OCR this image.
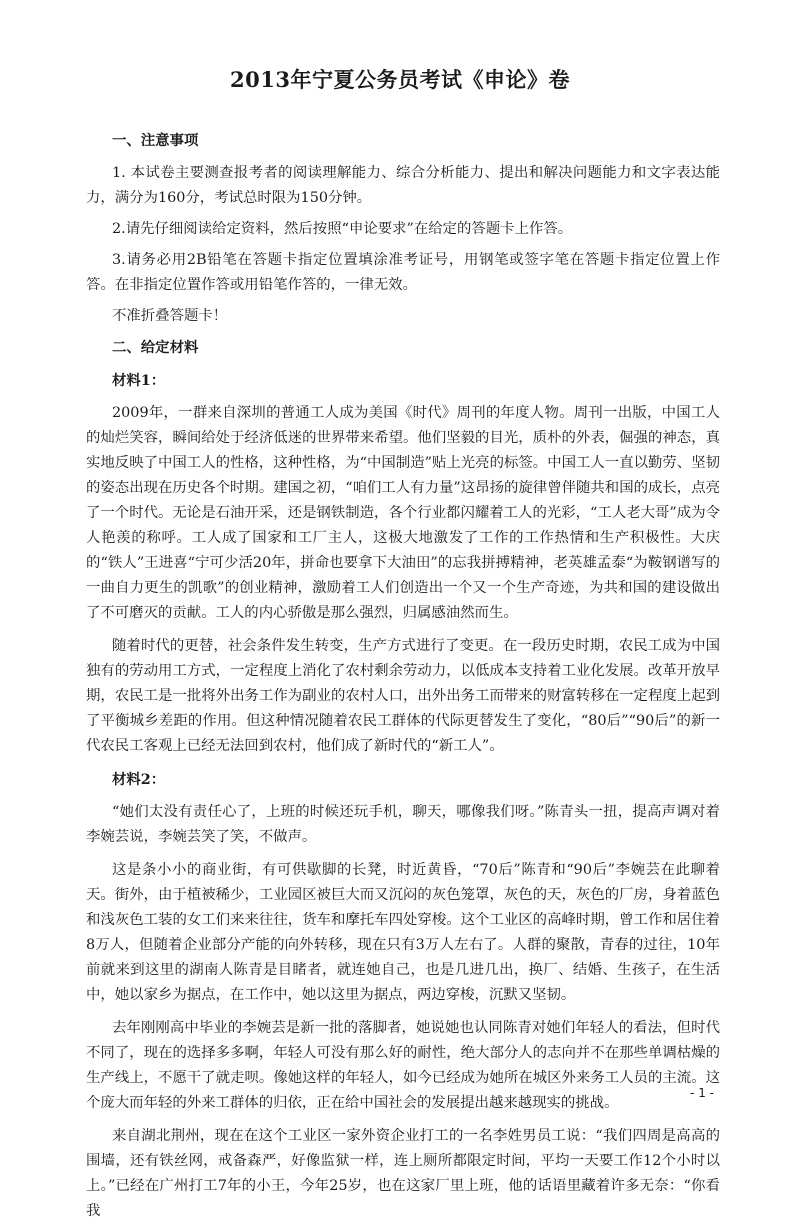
2013年宁夏公务员考试《申论》卷
一、注意事项

1. 本试卷主要测查报考者的阅读理解能力、综合分析能力、提出和解决问题能力和文字表达能力，满分为160分，考试总时限为150分钟。

2.请先仔细阅读给定资料，然后按照“申论要求”在给定的答题卡上作答。

3.请务必用2B铅笔在答题卡指定位置填涂准考证号，用钢笔或签字笔在答题卡指定位置上作答。在非指定位置作答或用铅笔作答的，一律无效。

不准折叠答题卡！

二、给定材料
材料1：

2009年，一群来自深圳的普通工人成为美国《时代》周刊的年度人物。周刊一出版，中国工人的灿烂笑容，瞬间给处于经济低迷的世界带来希望。他们坚毅的目光，质朴的外表，倔强的神态，真实地反映了中国工人的性格，这种性格，为“中国制造”贴上光亮的标签。中国工人一直以勤劳、坚韧的姿态出现在历史各个时期。建国之初，“咱们工人有力量”这昂扬的旋律曾伴随共和国的成长，点亮了一个时代。无论是石油开采，还是钢铁制造，各个行业都闪耀着工人的光彩，“工人老大哥”成为令人艳羡的称呼。工人成了国家和工厂主人，这极大地激发了工作的工作热情和生产积极性。大庆的“铁人”王进喜“宁可少活20年，拼命也要拿下大油田”的忘我拼搏精神，老英雄孟泰“为鞍钢谱写的一曲自力更生的凯歌”的创业精神，激励着工人们创造出一个又一个生产奇迹，为共和国的建设做出了不可磨灭的贡献。工人的内心骄傲是那么强烈，归属感油然而生。

随着时代的更替，社会条件发生转变，生产方式进行了变更。在一段历史时期，农民工成为中国独有的劳动用工方式，一定程度上消化了农村剩余劳动力，以低成本支持着工业化发展。改革开放早期，农民工是一批将外出务工作为副业的农村人口，出外出务工而带来的财富转移在一定程度上起到了平衡城乡差距的作用。但这种情况随着农民工群体的代际更替发生了变化，“80后”“90后”的新一代农民工客观上已经无法回到农村，他们成了新时代的“新工人”。

材料2：

“她们太没有责任心了，上班的时候还玩手机，聊天，哪像我们呀。”陈青头一扭，提高声调对着李婉芸说，李婉芸笑了笑，不做声。

这是条小小的商业街，有可供歇脚的长凳，时近黄昏，“70后”陈青和“90后”李婉芸在此聊着天。街外，由于植被稀少，工业园区被巨大而又沉闷的灰色笼罩，灰色的天，灰色的厂房，身着蓝色和浅灰色工装的女工们来来往往，货车和摩托车四处穿梭。这个工业区的高峰时期，曾工作和居住着8万人，但随着企业部分产能的向外转移，现在只有3万人左右了。人群的聚散，青春的过往，10年前就来到这里的湖南人陈青是目睹者，就连她自己，也是几进几出，换厂、结婚、生孩子，在生活中，她以家乡为据点，在工作中，她以这里为据点，两边穿梭，沉默又坚韧。

去年刚刚高中毕业的李婉芸是新一批的落脚者，她说她也认同陈青对她们年轻人的看法，但时代不同了，现在的选择多多啊，年轻人可没有那么好的耐性，绝大部分人的志向并不在那些单调枯燥的生产线上，不愿干了就走呗。像她这样的年轻人，如今已经成为她所在城区外来务工人员的主流。这个庞大而年轻的外来工群体的归依，正在给中国社会的发展提出越来越现实的挑战。

来自湖北荆州，现在在这个工业区一家外资企业打工的一名李姓男员工说：“我们四周是高高的围墙，还有铁丝网，戒备森严，好像监狱一样，连上厕所都限定时间，平均一天要工作12个小时以上。”已经在广州打工7年的小王，今年25岁，也在这家厂里上班，他的话语里藏着许多无奈：“你看我

- 1 -
